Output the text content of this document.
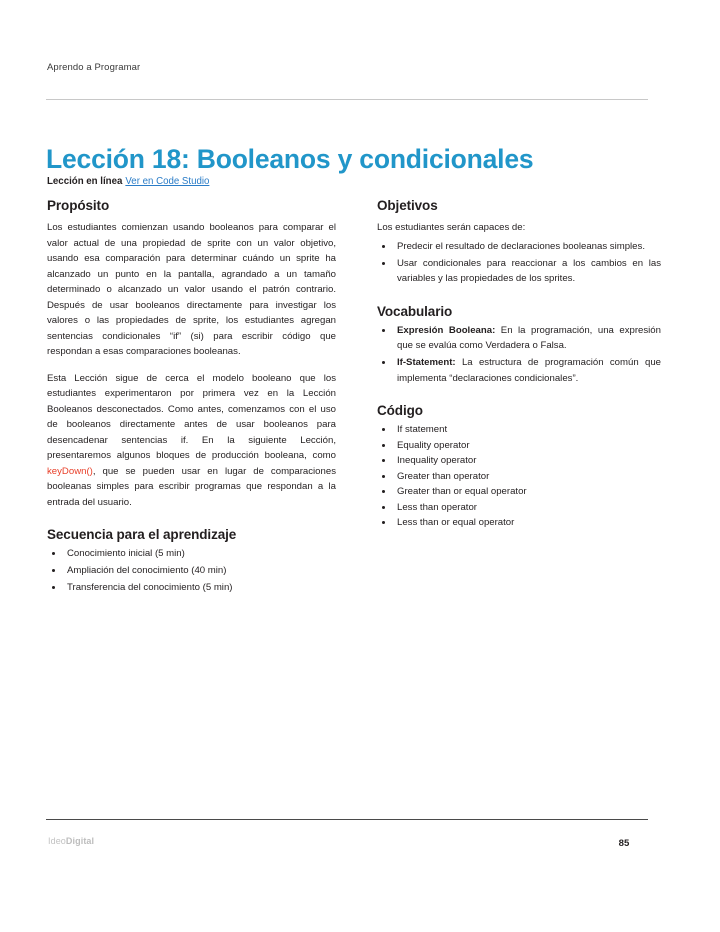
Aprendo a Programar
Lección 18: Booleanos y condicionales
Lección en línea Ver en Code Studio
Propósito

Los estudiantes comienzan usando booleanos para comparar el valor actual de una propiedad de sprite con un valor objetivo, usando esa comparación para determinar cuándo un sprite ha alcanzado un punto en la pantalla, agrandado a un tamaño determinado o alcanzado un valor usando el patrón contrario. Después de usar booleanos directamente para investigar los valores o las propiedades de sprite, los estudiantes agregan sentencias condicionales “if” (si) para escribir código que respondan a esas comparaciones booleanas.

Esta Lección sigue de cerca el modelo booleano que los estudiantes experimentaron por primera vez en la Lección Booleanos desconectados. Como antes, comenzamos con el uso de booleanos directamente antes de usar booleanos para desencadenar sentencias if. En la siguiente Lección, presentaremos algunos bloques de producción booleana, como keyDown(), que se pueden usar en lugar de comparaciones booleanas simples para escribir programas que respondan a la entrada del usuario.

Secuencia para el aprendizaje
Conocimiento inicial (5 min)
Ampliación del conocimiento (40 min)
Transferencia del conocimiento (5 min)
Objetivos

Los estudiantes serán capaces de:

Predecir el resultado de declaraciones booleanas simples.
Usar condicionales para reaccionar a los cambios en las variables y las propiedades de los sprites.
Vocabulario
Expresión Booleana: En la programación, una expresión que se evalúa como Verdadera o Falsa.
If-Statement: La estructura de programación común que implementa “declaraciones condicionales”.
Código
If statement
Equality operator
Inequality operator
Greater than operator
Greater than or equal operator
Less than operator
Less than or equal operator
IdeoDigital	85
